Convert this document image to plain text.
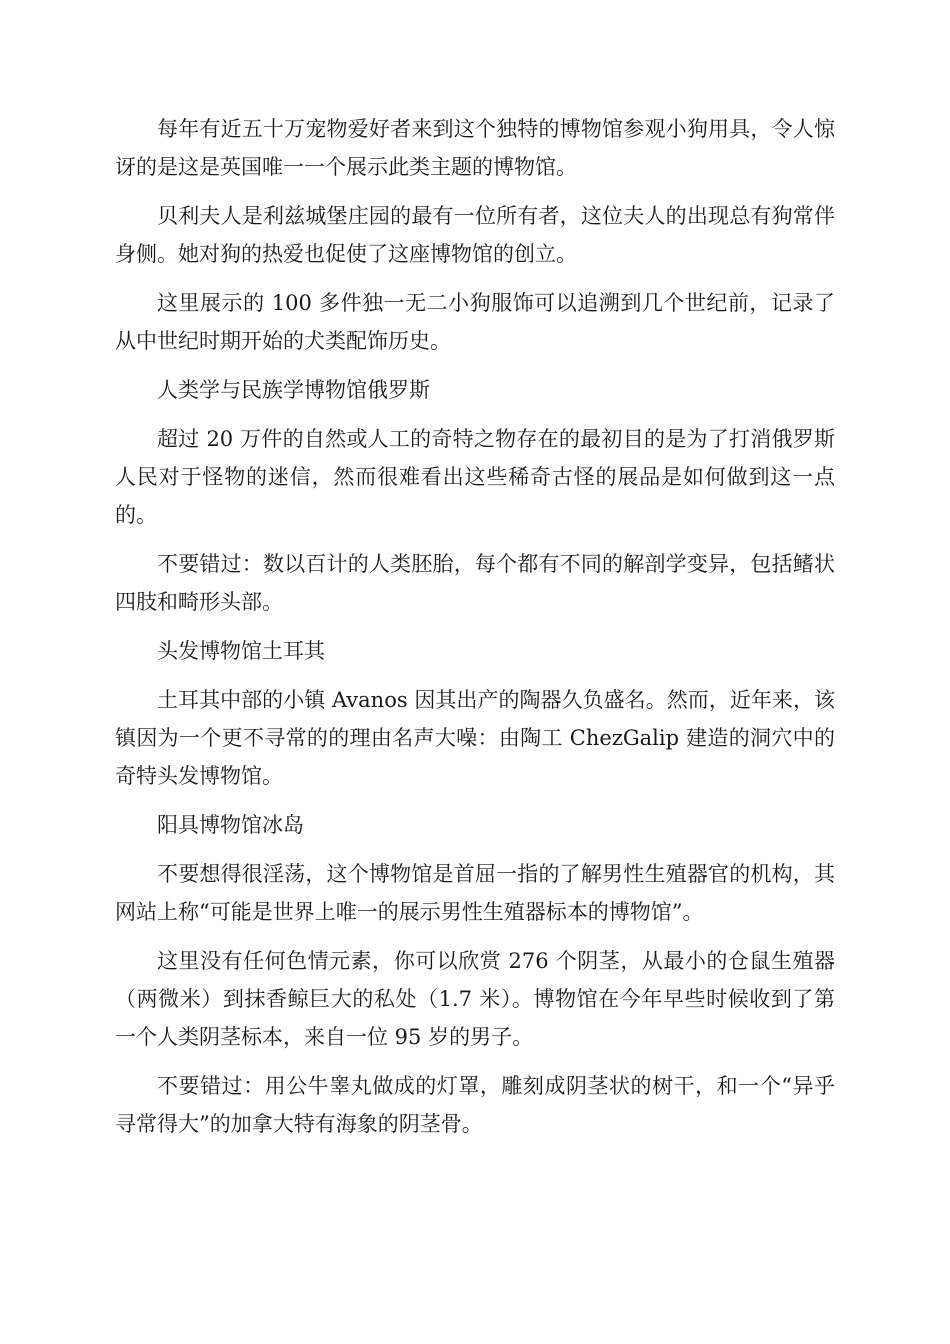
每年有近五十万宠物爱好者来到这个独特的博物馆参观小狗用具，令人惊讶的是这是英国唯一一个展示此类主题的博物馆。

贝利夫人是利兹城堡庄园的最有一位所有者，这位夫人的出现总有狗常伴身侧。她对狗的热爱也促使了这座博物馆的创立。

这里展示的 100 多件独一无二小狗服饰可以追溯到几个世纪前，记录了从中世纪时期开始的犬类配饰历史。

人类学与民族学博物馆俄罗斯

超过 20 万件的自然或人工的奇特之物存在的最初目的是为了打消俄罗斯人民对于怪物的迷信，然而很难看出这些稀奇古怪的展品是如何做到这一点的。

不要错过：数以百计的人类胚胎，每个都有不同的解剖学变异，包括鳍状四肢和畸形头部。

头发博物馆土耳其

土耳其中部的小镇 Avanos 因其出产的陶器久负盛名。然而，近年来，该镇因为一个更不寻常的的理由名声大噪：由陶工 ChezGalip 建造的洞穴中的奇特头发博物馆。

阳具博物馆冰岛

不要想得很淫荡，这个博物馆是首屈一指的了解男性生殖器官的机构，其网站上称“可能是世界上唯一的展示男性生殖器标本的博物馆”。

这里没有任何色情元素，你可以欣赏 276 个阴茎，从最小的仓鼠生殖器（两微米）到抹香鲸巨大的私处（1.7 米）。博物馆在今年早些时候收到了第一个人类阴茎标本，来自一位 95 岁的男子。

不要错过：用公牛睾丸做成的灯罩，雕刻成阴茎状的树干，和一个“异乎寻常得大”的加拿大特有海象的阴茎骨。
